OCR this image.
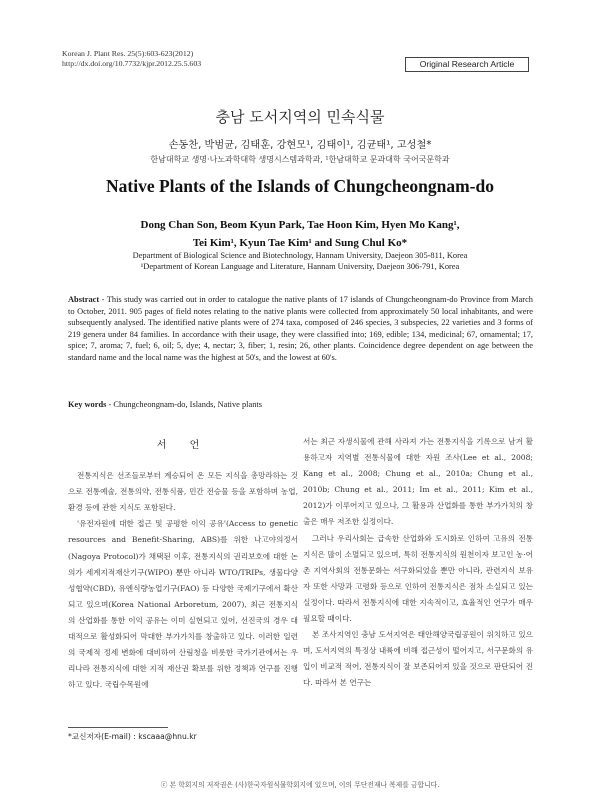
Korean J. Plant Res. 25(5):603-623(2012)
http://dx.doi.org/10.7732/kjpr.2012.25.5.603	Original Research Article
충남 도서지역의 민속식물
손동찬, 박범균, 김태훈, 강현모¹, 김태이¹, 김균태¹, 고성철*
한남대학교 생명·나노과학대학 생명시스템과학과, ¹한남대학교 문과대학 국어국문학과
Native Plants of the Islands of Chungcheongnam-do
Dong Chan Son, Beom Kyun Park, Tae Hoon Kim, Hyen Mo Kang¹,
Tei Kim¹, Kyun Tae Kim¹ and Sung Chul Ko*
Department of Biological Science and Biotechnology, Hannam University, Daejeon 305-811, Korea
¹Department of Korean Language and Literature, Hannam University, Daejeon 306-791, Korea
Abstract - This study was carried out in order to catalogue the native plants of 17 islands of Chungcheongnam-do Province from March to October, 2011. 905 pages of field notes relating to the native plants were collected from approximately 50 local inhabitants, and were subsequently analysed. The identified native plants were of 274 taxa, composed of 246 species, 3 subspecies, 22 varieties and 3 forms of 219 genera under 84 families. In accordance with their usage, they were classified into; 169, edible; 134, medicinal; 67, ornamental; 17, spice; 7, aroma; 7, fuel; 6, oil; 5, dye; 4, nectar; 3, fiber; 1, resin; 26, other plants. Coincidence degree dependent on age between the standard name and the local name was the highest at 50's, and the lowest at 60's.
Key words - Chungcheongnam-do, Islands, Native plants
서 언

전통지식은 선조들로부터 계승되어 온 모든 지식을 총망라하는 것으로 전통예술, 전통의약, 전통식품, 민간 전승물 등을 포함하며 농업, 환경 등에 관한 지식도 포함된다.

'유전자원에 대한 접근 및 공평한 이익 공유'(Access to genetic resources and Benefit-Sharing, ABS)를 위한 나고야의정서(Nagoya Protocol)가 채택된 이후, 전통지식의 권리보호에 대한 논의가 세계지적재산기구(WIPO) 뿐만 아니라 WTO/TRIPs, 생물다양성협약(CBD), 유엔식량농업기구(FAO) 등 다양한 국제기구에서 확산되고 있으며(Korea National Arboretum, 2007), 최근 전통지식의 산업화를 통한 이익 공유는 이미 실현되고 있어, 선진국의 경우 대대적으로 활성화되어 막대한 부가가치를 창출하고 있다. 이러한 일련의 국제적 정세 변화에 대비하여 산림청을 비롯한 국가기관에서는 우리나라 전통지식에 대한 지적 재산권 확보를 위한 정책과 연구를 진행하고 있다. 국립수목원에

서는 최근 자생식물에 관해 사라져 가는 전통지식을 기록으로 남겨 활용하고자 지역별 전통식물에 대한 자원 조사(Lee et al., 2008; Kang et al., 2008; Chung et al., 2010a; Chung et al., 2010b; Chung et al., 2011; Im et al., 2011; Kim et al., 2012)가 이루어지고 있으나, 그 활용과 산업화를 통한 부가가치의 창출은 매우 저조한 실정이다.

그러나 우리사회는 급속한 산업화와 도시화로 인하여 고유의 전통지식은 많이 소멸되고 있으며, 특히 전통지식의 원천이자 보고인 농·어촌 지역사회의 전통문화는 서구화되었을 뿐만 아니라, 관련지식 보유자 또한 사망과 고령화 등으로 인하여 전통지식은 점차 소실되고 있는 실정이다. 따라서 전통지식에 대한 지속적이고, 효율적인 연구가 매우 필요할 때이다.

본 조사지역인 충남 도서지역은 태안해양국립공원이 위치하고 있으며, 도서지역의 특징상 내륙에 비해 접근성이 떨어지고, 서구문화의 유입이 비교적 적어, 전통지식이 잘 보존되어져 있을 것으로 판단되어 진다. 따라서 본 연구는

*교신저자(E-mail) : kscaaa@hnu.kr
ⓒ 본 학회지의 저작권은 (사)한국자원식물학회지에 있으며, 이의 무단전재나 복제를 금합니다.
